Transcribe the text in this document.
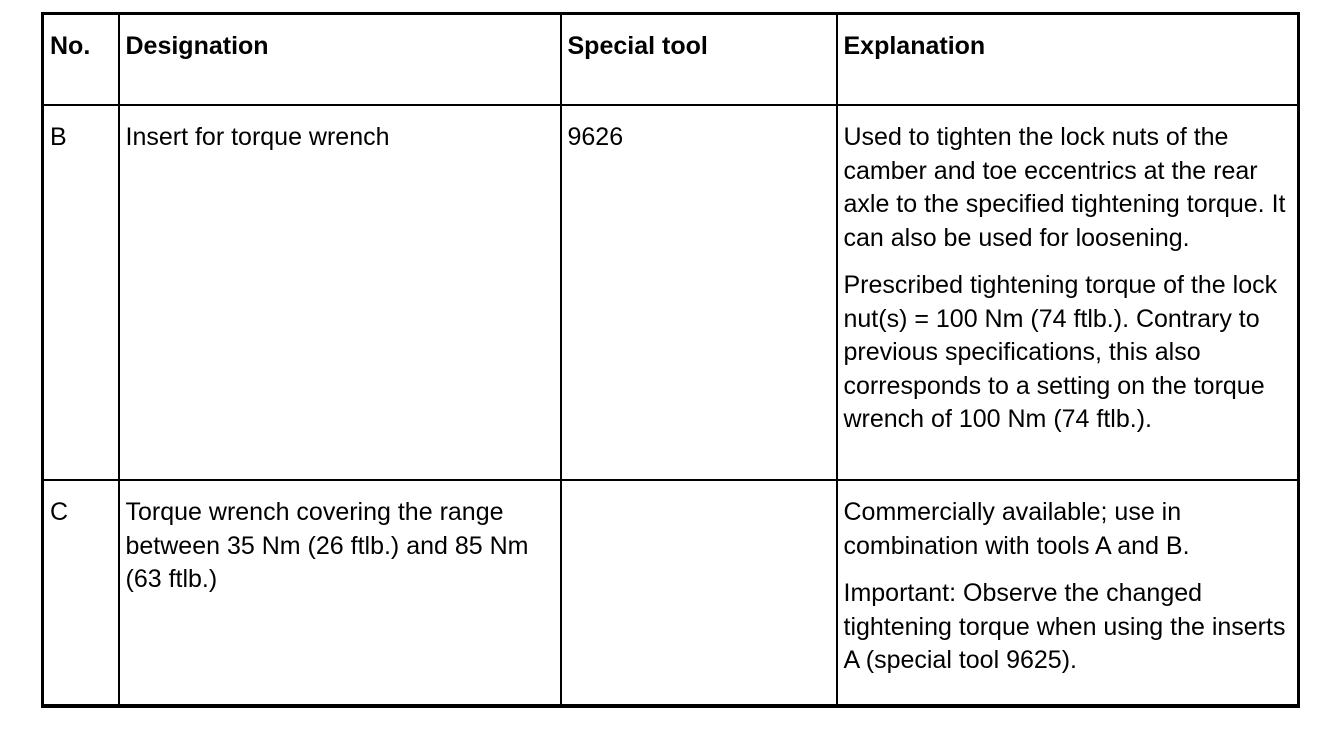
No.	Designation	Special tool	Explanation
B	Insert for torque wrench	9626	Used to tighten the lock nuts of the camber and toe eccentrics at the rear axle to the specified tightening torque. It can also be used for loosening.

Prescribed tightening torque of the lock nut(s) = 100 Nm (74 ftlb.). Contrary to previous specifications, this also corresponds to a setting on the torque wrench of 100 Nm (74 ftlb.).

C	Torque wrench covering the range between 35 Nm (26 ftlb.) and 85 Nm (63 ftlb.)		Commercially available; use in combination with tools A and B.

Important: Observe the changed tightening torque when using the inserts A (special tool 9625).
